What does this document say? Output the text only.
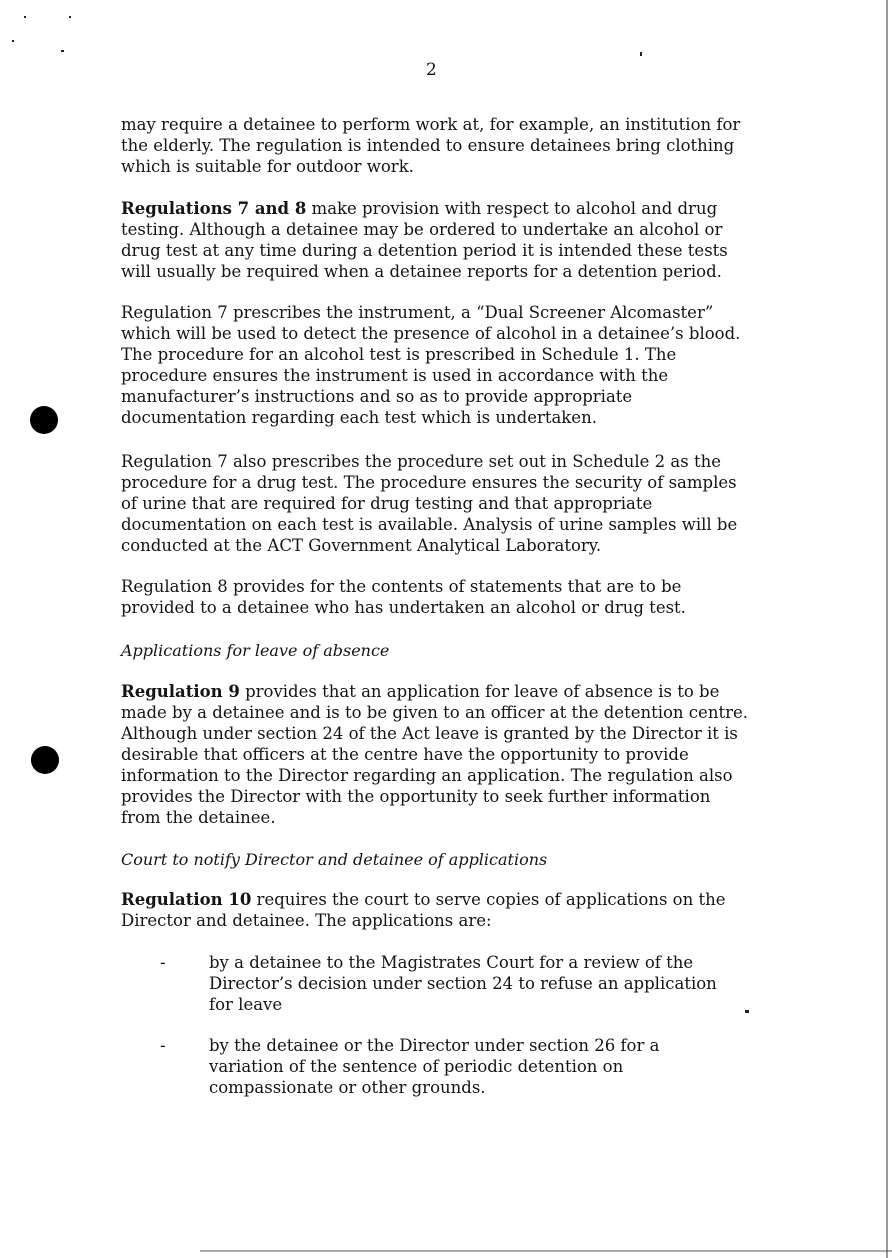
2

may require a detainee to perform work at, for example, an institution for the elderly. The regulation is intended to ensure detainees bring clothing which is suitable for outdoor work.

Regulations 7 and 8 make provision with respect to alcohol and drug testing. Although a detainee may be ordered to undertake an alcohol or drug test at any time during a detention period it is intended these tests will usually be required when a detainee reports for a detention period.

Regulation 7 prescribes the instrument, a “Dual Screener Alcomaster” which will be used to detect the presence of alcohol in a detainee’s blood. The procedure for an alcohol test is prescribed in Schedule 1. The procedure ensures the instrument is used in accordance with the manufacturer’s instructions and so as to provide appropriate documentation regarding each test which is undertaken.

Regulation 7 also prescribes the procedure set out in Schedule 2 as the procedure for a drug test. The procedure ensures the security of samples of urine that are required for drug testing and that appropriate documentation on each test is available. Analysis of urine samples will be conducted at the ACT Government Analytical Laboratory.

Regulation 8 provides for the contents of statements that are to be provided to a detainee who has undertaken an alcohol or drug test.

Applications for leave of absence

Regulation 9 provides that an application for leave of absence is to be made by a detainee and is to be given to an officer at the detention centre. Although under section 24 of the Act leave is granted by the Director it is desirable that officers at the centre have the opportunity to provide information to the Director regarding an application. The regulation also provides the Director with the opportunity to seek further information from the detainee.

Court to notify Director and detainee of applications

Regulation 10 requires the court to serve copies of applications on the Director and detainee. The applications are:

-	by a detainee to the Magistrates Court for a review of the Director’s decision under section 24 to refuse an application for leave
-	by the detainee or the Director under section 26 for a variation of the sentence of periodic detention on compassionate or other grounds.
